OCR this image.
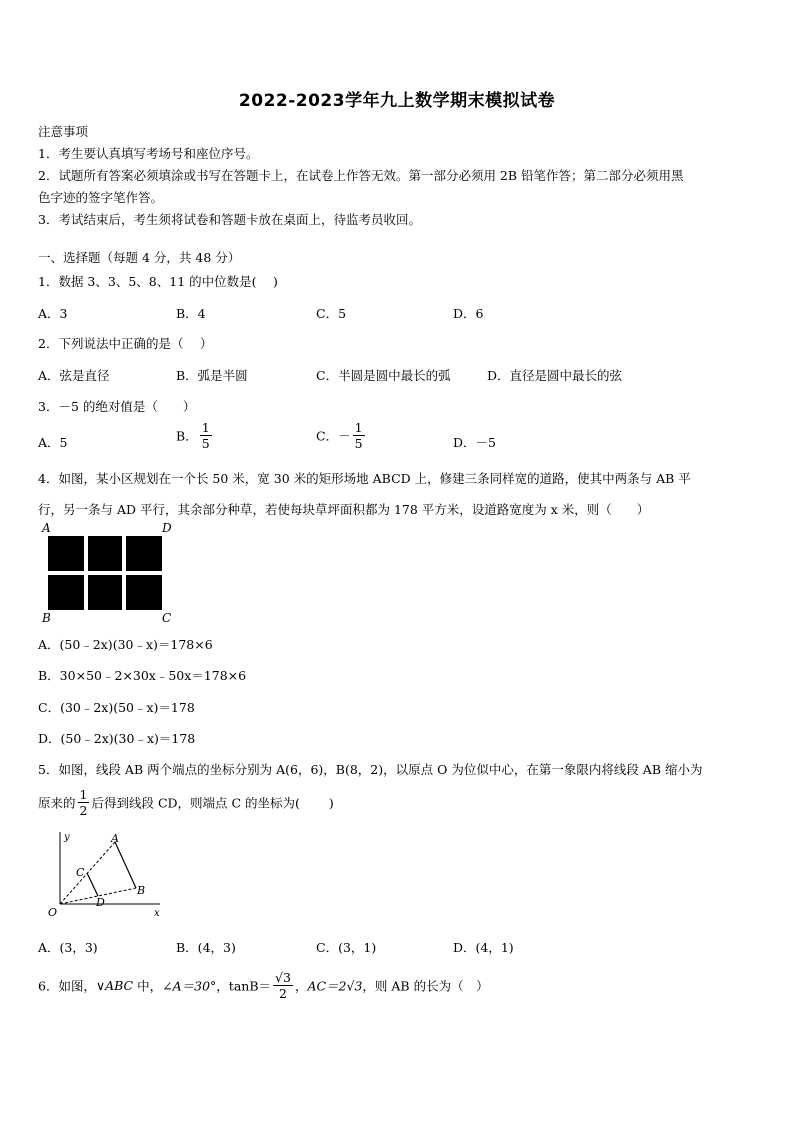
2022-2023学年九上数学期末模拟试卷
注意事项
1．考生要认真填写考场号和座位序号。
2．试题所有答案必须填涂或书写在答题卡上，在试卷上作答无效。第一部分必须用 2B 铅笔作答；第二部分必须用黑
色字迹的签字笔作答。
3．考试结束后，考生须将试卷和答题卡放在桌面上，待监考员收回。
一、选择题（每题 4 分，共 48 分）
1．数据 3、3、5、8、11 的中位数是(　 )
A．3	B．4	C．5	D．6
2．下列说法中正确的是（　 ）
A．弦是直径	B．弧是半圆	C．半圆是圆中最长的弧	D．直径是圆中最长的弦
3．－5 的绝对值是（　　）
A．5	B． $\frac{1}{5}$	C．－ $\frac{1}{5}$	D．－5
4．如图，某小区规划在一个长 50 米，宽 30 米的矩形场地 ABCD 上，修建三条同样宽的道路，使其中两条与 AB 平
行，另一条与 AD 平行，其余部分种草，若使每块草坪面积都为 178 平方米，设道路宽度为 x 米，则（　　）
A	D
B	C
A．(50﹣2x)(30﹣x)＝178×6
B．30×50﹣2×30x﹣50x＝178×6
C．(30﹣2x)(50﹣x)＝178
D．(50﹣2x)(30﹣x)＝178
5．如图，线段 AB 两个端点的坐标分别为 A(6，6)，B(8，2)，以原点 O 为位似中心，在第一象限内将线段 AB 缩小为
原来的 $\frac{1}{2}$ 后得到线段 CD，则端点 C 的坐标为(　 　)
y
x
O
A
B
C
D
A．(3，3)	B．(4，3)	C．(3，1)	D．(4，1)
6．如图，∨ABC 中，∠A＝30°，$\tan B= \frac{√3}{2}$ ，AC＝2√3，则 AB 的长为（　）
